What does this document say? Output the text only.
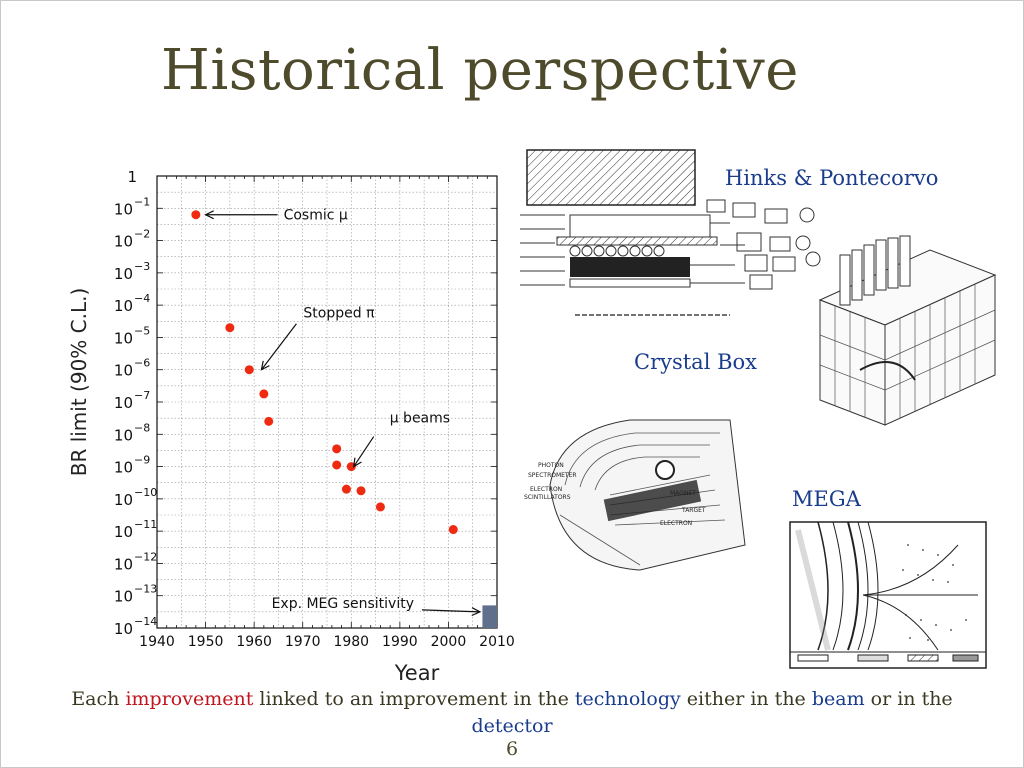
Historical perspective
1
10 −1
10 −2
10 −3
10 −4
10 −5
10 −6
10 −7
10 −8
10 −9
10 −10
10 −11
10 −12
10 −13
10 −14
1940 1950 1960 1970 1980 1990 2000 2010
Cosmic μ
Stopped π
μ beams
Exp. MEG sensitivity
BR limit (90% C.L.)
Year
Hinks & Pontecorvo
Crystal Box
PHOTON
SPECTROMETER
ELECTRON
SCINTILLATORS
MAGNET
TARGET
ELECTRON
MEGA
Each improvement linked to an improvement in the technology either in the beam or in the detector
6
